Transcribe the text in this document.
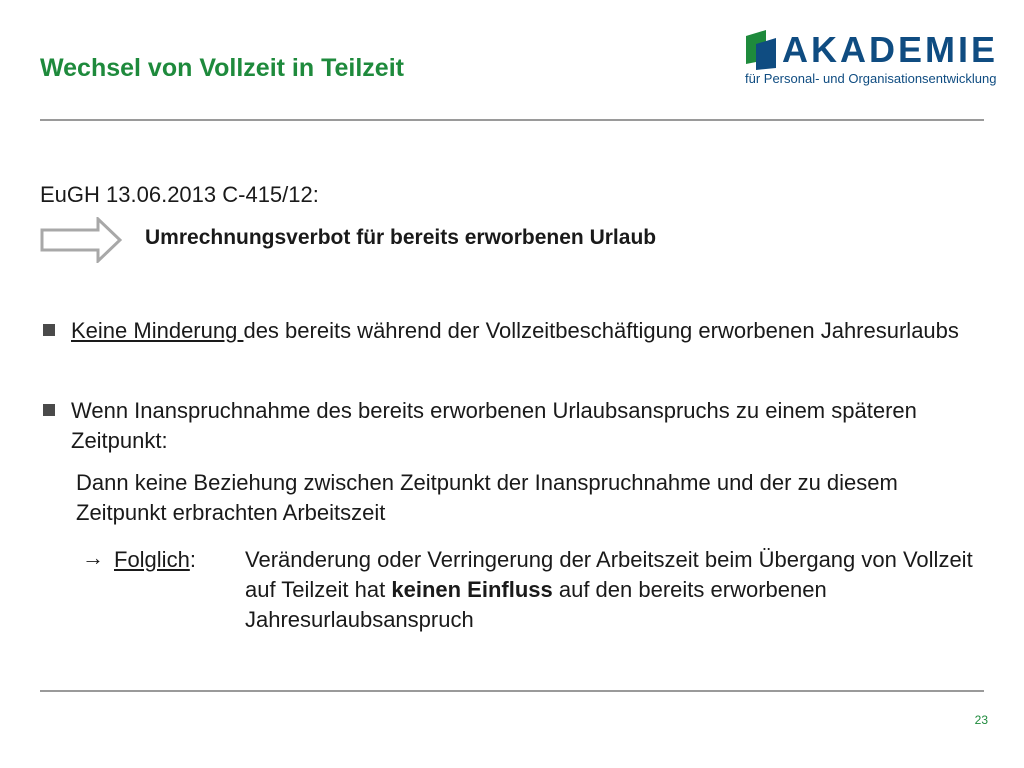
Wechsel von Vollzeit in Teilzeit	AKADEMIE
für Personal- und Organisationsentwicklung
EuGH 13.06.2013 C-415/12:
Umrechnungsverbot für bereits erworbenen Urlaub
Keine Minderung des bereits während der Vollzeitbeschäftigung erworbenen Jahresurlaubs
Wenn Inanspruchnahme des bereits erworbenen Urlaubsanspruchs zu einem späteren Zeitpunkt:
Dann keine Beziehung zwischen Zeitpunkt der Inanspruchnahme und der zu diesem Zeitpunkt erbrachten Arbeitszeit
→ Folglich: Veränderung oder Verringerung der Arbeitszeit beim Übergang von Vollzeit auf Teilzeit hat keinen Einfluss auf den bereits erworbenen Jahresurlaubsanspruch
23
